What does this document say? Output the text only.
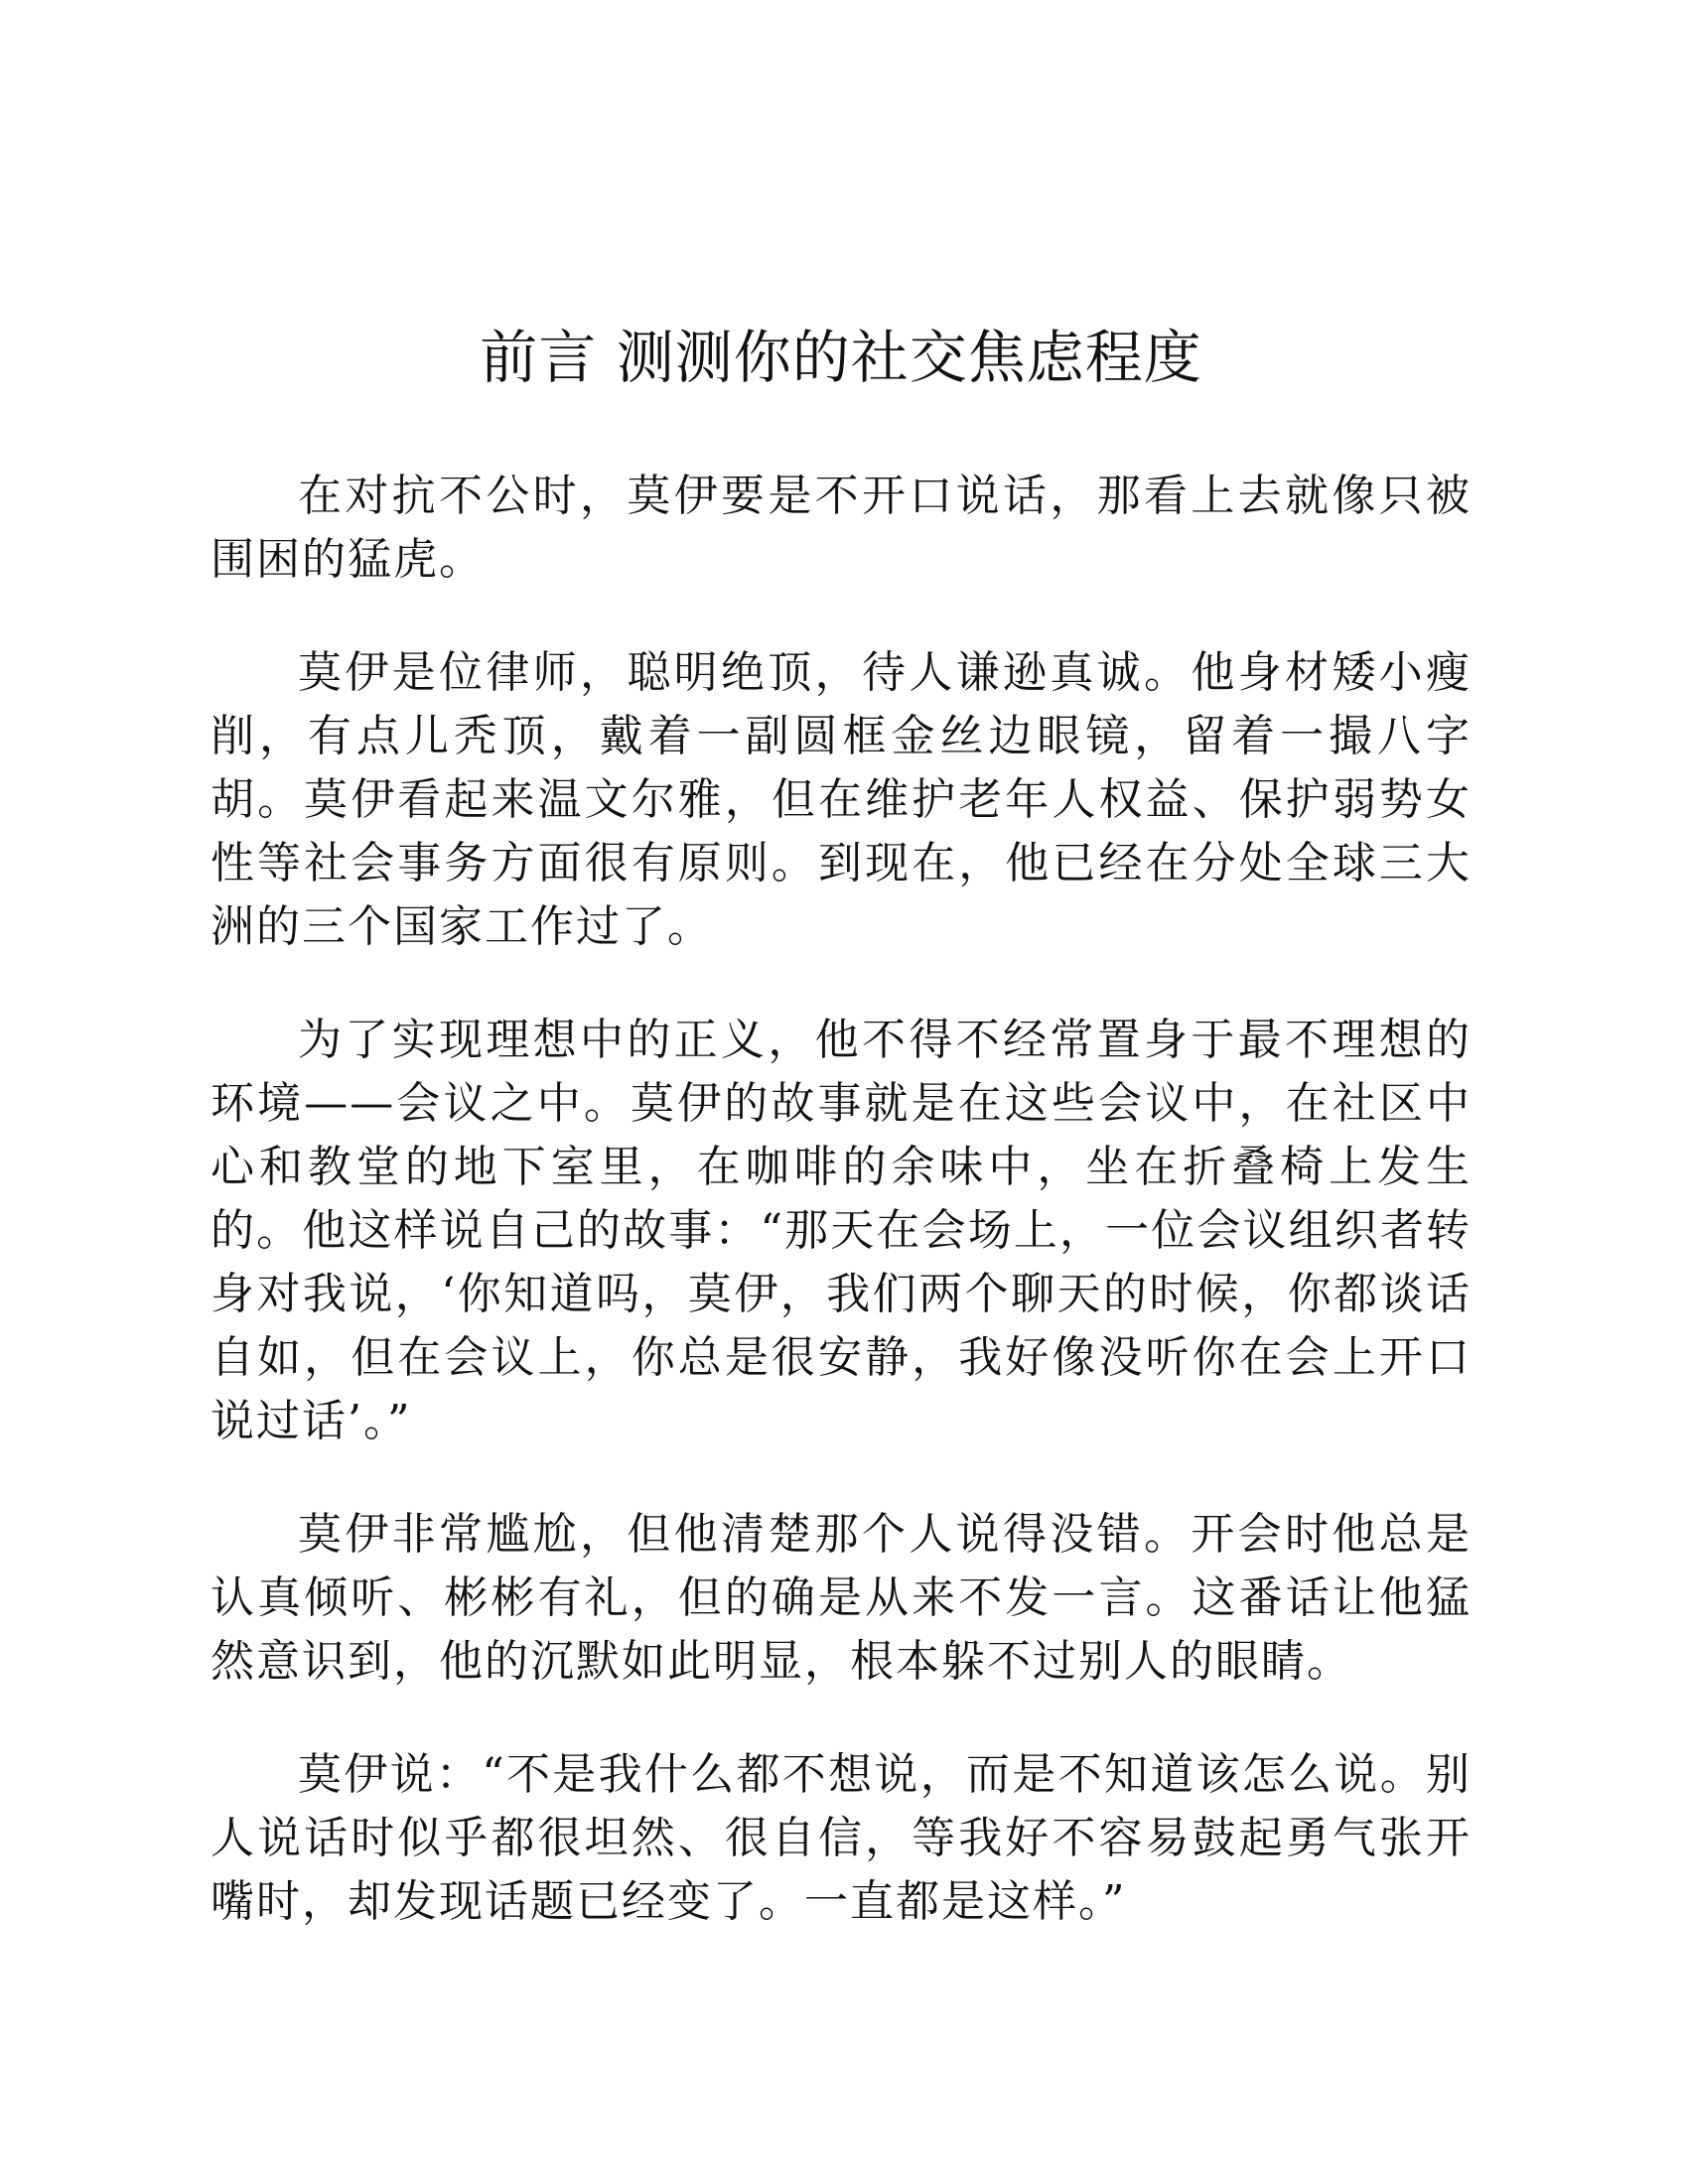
前言 测测你的社交焦虑程度

在对抗不公时，莫伊要是不开口说话，那看上去就像只被围困的猛虎。

莫伊是位律师，聪明绝顶，待人谦逊真诚。他身材矮小瘦削，有点儿秃顶，戴着一副圆框金丝边眼镜，留着一撮八字胡。莫伊看起来温文尔雅，但在维护老年人权益、保护弱势女性等社会事务方面很有原则。到现在，他已经在分处全球三大洲的三个国家工作过了。

为了实现理想中的正义，他不得不经常置身于最不理想的环境——会议之中。莫伊的故事就是在这些会议中，在社区中心和教堂的地下室里，在咖啡的余味中，坐在折叠椅上发生的。他这样说自己的故事：“那天在会场上，一位会议组织者转身对我说，‘你知道吗，莫伊，我们两个聊天的时候，你都谈话自如，但在会议上，你总是很安静，我好像没听你在会上开口说过话’。”

莫伊非常尴尬，但他清楚那个人说得没错。开会时他总是认真倾听、彬彬有礼，但的确是从来不发一言。这番话让他猛然意识到，他的沉默如此明显，根本躲不过别人的眼睛。

莫伊说：“不是我什么都不想说，而是不知道该怎么说。别人说话时似乎都很坦然、很自信，等我好不容易鼓起勇气张开嘴时，却发现话题已经变了。一直都是这样。”
